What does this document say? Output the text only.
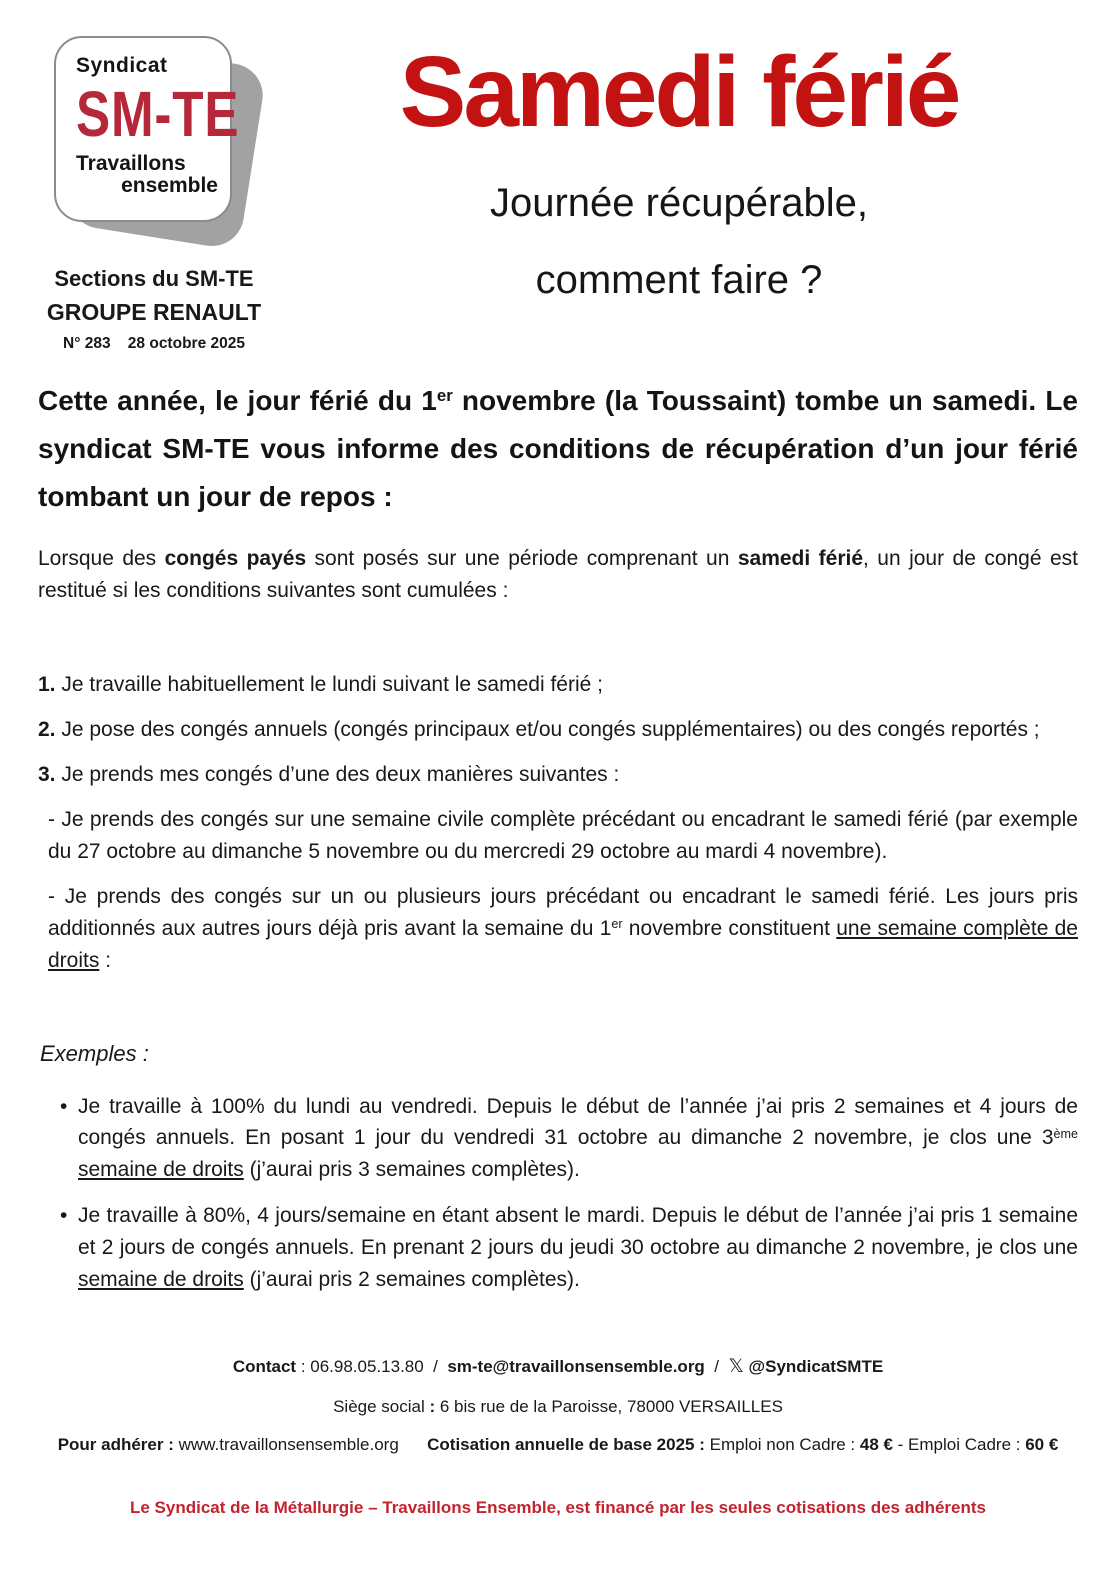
Syndicat
SM-TE
Travaillons
ensemble
Sections du SM-TE
GROUPE RENAULT
N° 283    28 octobre 2025
Samedi férié
Journée récupérable,
comment faire ?

Cette année, le jour férié du 1er novembre (la Toussaint) tombe un samedi. Le syndicat SM-TE vous informe des conditions de récupération d’un jour férié tombant un jour de repos :

Lorsque des congés payés sont posés sur une période comprenant un samedi férié, un jour de congé est restitué si les conditions suivantes sont cumulées :

1. Je travaille habituellement le lundi suivant le samedi férié ;

2. Je pose des congés annuels (congés principaux et/ou congés supplémentaires) ou des congés reportés ;

3. Je prends mes congés d’une des deux manières suivantes :

- Je prends des congés sur une semaine civile complète précédant ou encadrant le samedi férié (par exemple du 27 octobre au dimanche 5 novembre ou du mercredi 29 octobre au mardi 4 novembre).

- Je prends des congés sur un ou plusieurs jours précédant ou encadrant le samedi férié. Les jours pris additionnés aux autres jours déjà pris avant la semaine du 1er novembre constituent une semaine complète de droits :

Exemples :

• Je travaille à 100% du lundi au vendredi. Depuis le début de l’année j’ai pris 2 semaines et 4 jours de congés annuels. En posant 1 jour du vendredi 31 octobre au dimanche 2 novembre, je clos une 3ème semaine de droits (j’aurai pris 3 semaines complètes).
• Je travaille à 80%, 4 jours/semaine en étant absent le mardi. Depuis le début de l’année j’ai pris 1 semaine et 2 jours de congés annuels. En prenant 2 jours du jeudi 30 octobre au dimanche 2 novembre, je clos une semaine de droits (j’aurai pris 2 semaines complètes).

Contact : 06.98.05.13.80  /  sm-te@travaillonsensemble.org  /  𝕏 @SyndicatSMTE

Siège social : 6 bis rue de la Paroisse, 78000 VERSAILLES

Pour adhérer : www.travaillonsensemble.org Cotisation annuelle de base 2025 : Emploi non Cadre : 48 € - Emploi Cadre : 60 €

Le Syndicat de la Métallurgie – Travaillons Ensemble, est financé par les seules cotisations des adhérents
